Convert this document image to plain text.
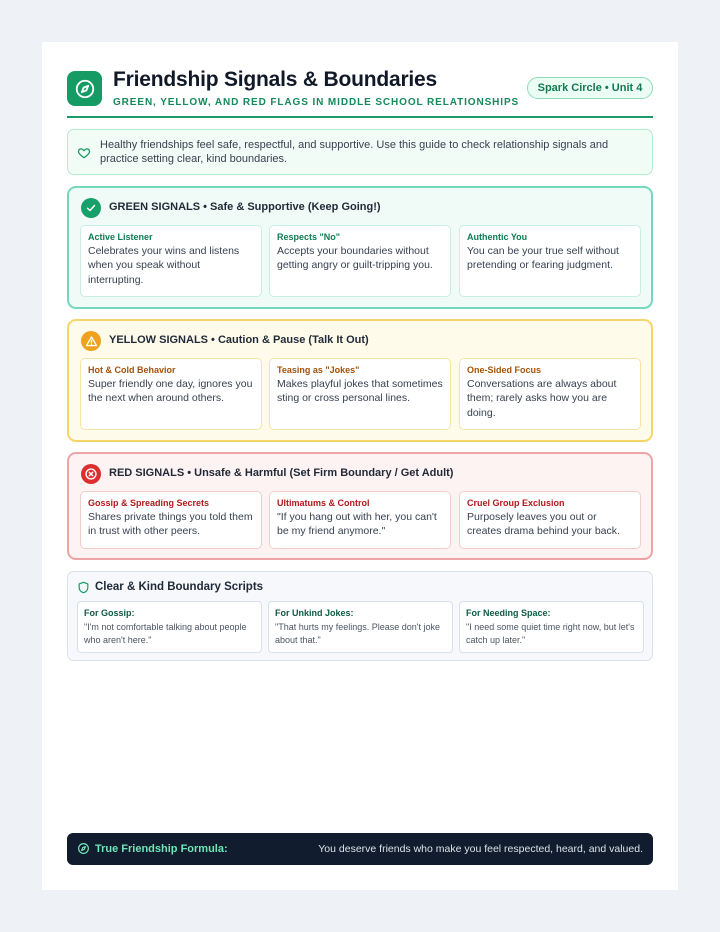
Friendship Signals & Boundaries
GREEN, YELLOW, AND RED FLAGS IN MIDDLE SCHOOL RELATIONSHIPS
Spark Circle • Unit 4
Healthy friendships feel safe, respectful, and supportive. Use this guide to check relationship signals and practice setting clear, kind boundaries.
GREEN SIGNALS • Safe & Supportive (Keep Going!)
Active Listener
Celebrates your wins and listens when you speak without interrupting.
Respects "No"
Accepts your boundaries without getting angry or guilt-tripping you.
Authentic You
You can be your true self without pretending or fearing judgment.
YELLOW SIGNALS • Caution & Pause (Talk It Out)
Hot & Cold Behavior
Super friendly one day, ignores you the next when around others.
Teasing as "Jokes"
Makes playful jokes that sometimes sting or cross personal lines.
One-Sided Focus
Conversations are always about them; rarely asks how you are doing.
RED SIGNALS • Unsafe & Harmful (Set Firm Boundary / Get Adult)
Gossip & Spreading Secrets
Shares private things you told them in trust with other peers.
Ultimatums & Control
"If you hang out with her, you can't be my friend anymore."
Cruel Group Exclusion
Purposely leaves you out or creates drama behind your back.
Clear & Kind Boundary Scripts
For Gossip:
"I'm not comfortable talking about people who aren't here."
For Unkind Jokes:
"That hurts my feelings. Please don't joke about that."
For Needing Space:
"I need some quiet time right now, but let's catch up later."
True Friendship Formula:	You deserve friends who make you feel respected, heard, and valued.
